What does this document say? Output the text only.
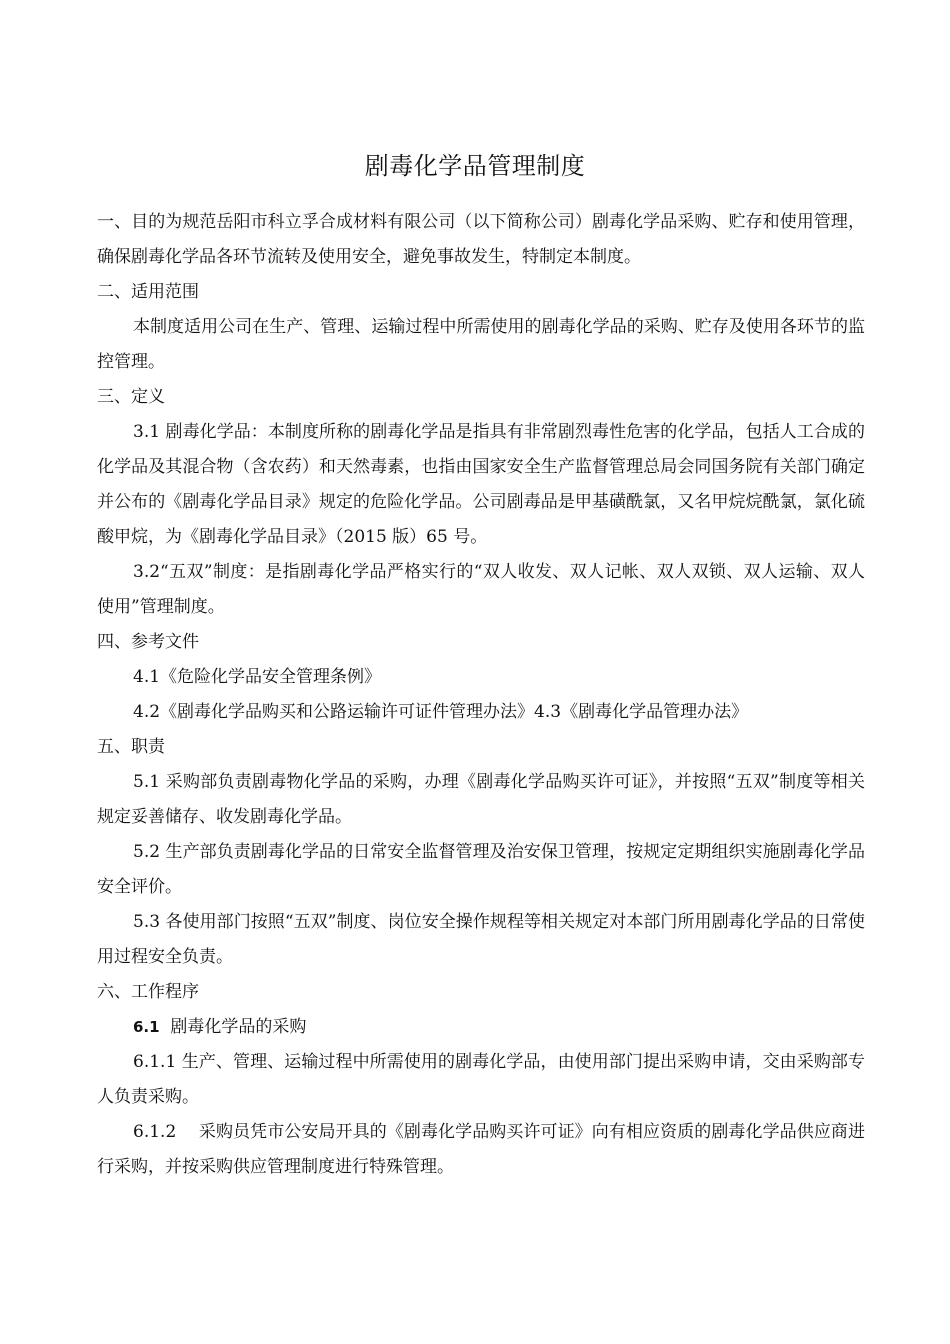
剧毒化学品管理制度

一、目的为规范岳阳市科立孚合成材料有限公司（以下简称公司）剧毒化学品采购、贮存和使用管理，确保剧毒化学品各环节流转及使用安全，避免事故发生，特制定本制度。

二、适用范围

本制度适用公司在生产、管理、运输过程中所需使用的剧毒化学品的采购、贮存及使用各环节的监控管理。

三、定义

3.1 剧毒化学品：本制度所称的剧毒化学品是指具有非常剧烈毒性危害的化学品，包括人工合成的化学品及其混合物（含农药）和天然毒素，也指由国家安全生产监督管理总局会同国务院有关部门确定并公布的《剧毒化学品目录》规定的危险化学品。公司剧毒品是甲基磺酰氯，又名甲烷烷酰氯，氯化硫酸甲烷，为《剧毒化学品目录》（2015 版）65 号。

3.2“五双”制度：是指剧毒化学品严格实行的“双人收发、双人记帐、双人双锁、双人运输、双人使用”管理制度。

四、参考文件

4.1《危险化学品安全管理条例》

4.2《剧毒化学品购买和公路运输许可证件管理办法》4.3《剧毒化学品管理办法》

五、职责

5.1 采购部负责剧毒物化学品的采购，办理《剧毒化学品购买许可证》，并按照“五双”制度等相关规定妥善储存、收发剧毒化学品。

5.2 生产部负责剧毒化学品的日常安全监督管理及治安保卫管理，按规定定期组织实施剧毒化学品安全评价。

5.3 各使用部门按照“五双”制度、岗位安全操作规程等相关规定对本部门所用剧毒化学品的日常使用过程安全负责。

六、工作程序

6.1 剧毒化学品的采购

6.1.1 生产、管理、运输过程中所需使用的剧毒化学品，由使用部门提出采购申请，交由采购部专人负责采购。

6.1.2　 采购员凭市公安局开具的《剧毒化学品购买许可证》向有相应资质的剧毒化学品供应商进行采购，并按采购供应管理制度进行特殊管理。
